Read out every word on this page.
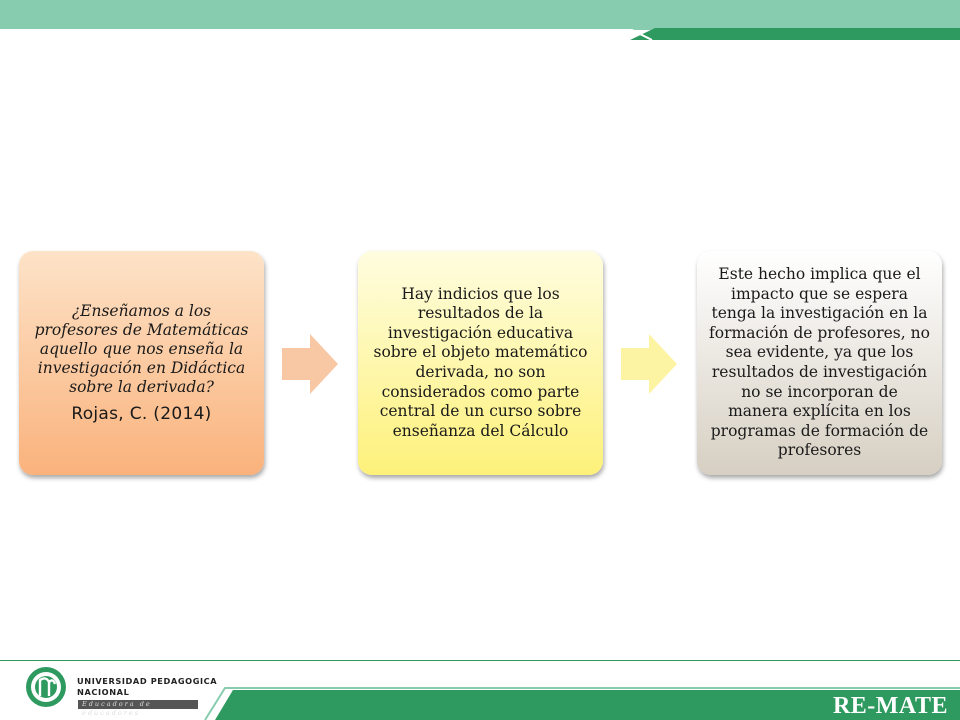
¿Enseñamos a los profesores de Matemáticas aquello que nos enseña la investigación en Didáctica sobre la derivada?
Rojas, C. (2014)
Hay indicios que los resultados de la investigación educativa sobre el objeto matemático derivada, no son considerados como parte central de un curso sobre enseñanza del Cálculo
Este hecho implica que el impacto que se espera tenga la investigación en la formación de profesores, no sea evidente, ya que los resultados de investigación no se incorporan de manera explícita en los programas de formación de profesores
UNIVERSIDAD PEDAGOGICA
NACIONAL
Educadora de educadores	RE-MATE
